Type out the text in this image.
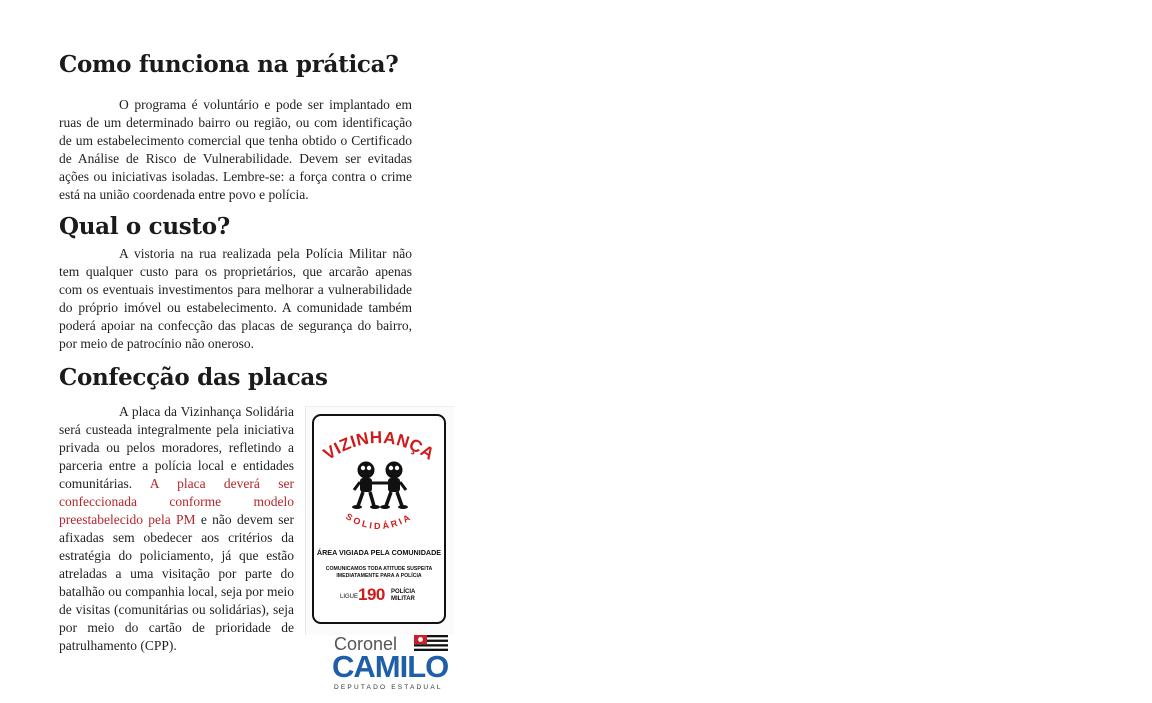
Como funciona na prática?

O programa é voluntário e pode ser implantado em ruas de um determinado bairro ou região, ou com identificação de um estabelecimento comercial que tenha obtido o Certificado de Análise de Risco de Vulnerabilidade. Devem ser evitadas ações ou iniciativas isoladas. Lembre-se: a força contra o crime está na união coordenada entre povo e polícia.

Qual o custo?

A vistoria na rua realizada pela Polícia Militar não tem qualquer custo para os proprietários, que arcarão apenas com os eventuais investimentos para melhorar a vulnerabilidade do próprio imóvel ou estabelecimento. A comunidade também poderá apoiar na confecção das placas de segurança do bairro, por meio de patrocínio não oneroso.

Confecção das placas

A placa da Vizinhança Solidária será custeada integralmente pela iniciativa privada ou pelos moradores, refletindo a parceria entre a polícia local e entidades comunitárias. A placa deverá ser confeccionada conforme modelo preestabelecido pela PM e não devem ser afixadas sem obedecer aos critérios da estratégia do policiamento, já que estão atreladas a uma visitação por parte do batalhão ou companhia local, seja por meio de visitas (comunitárias ou solidárias), seja por meio do cartão de prioridade de patrulhamento (CPP).

VIZINHANÇA
SOLIDÁRIA
ÁREA VIGIADA PELA COMUNIDADE
COMUNICAMOS TODA ATITUDE SUSPEITA IMEDIATAMENTE PARA A POLÍCIA
LIGUE 190 POLÍCIA MILITAR
Coronel
CAMILO
DEPUTADO ESTADUAL
